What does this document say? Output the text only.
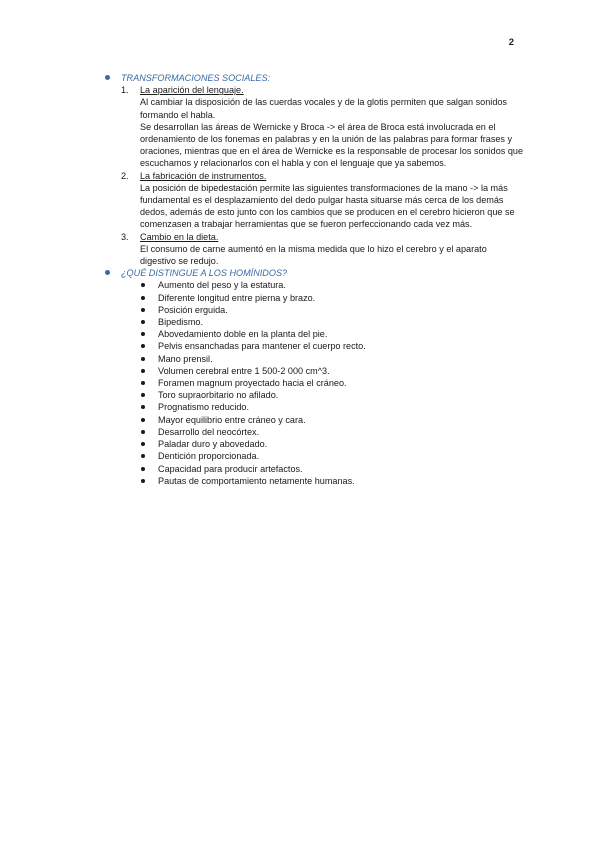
2
TRANSFORMACIONES SOCIALES:
1. La aparición del lenguaje.
Al cambiar la disposición de las cuerdas vocales y de la glotis permiten que salgan sonidos formando el habla.
Se desarrollan las áreas de Wernicke y Broca -> el área de Broca está involucrada en el ordenamiento de los fonemas en palabras y en la unión de las palabras para formar frases y oraciones, mientras que en el área de Wernicke es la responsable de procesar los sonidos que escuchamos y relacionarlos con el habla y con el lenguaje que ya sabemos.
2. La fabricación de instrumentos.
La posición de bipedestación permite las siguientes transformaciones de la mano -> la más fundamental es el desplazamiento del dedo pulgar hasta situarse más cerca de los demás dedos, además de esto junto con los cambios que se producen en el cerebro hicieron que se comenzasen a trabajar herramientas que se fueron perfeccionando cada vez más.
3. Cambio en la dieta.
El consumo de carne aumentó en la misma medida que lo hizo el cerebro y el aparato digestivo se redujo.
¿QUÉ DISTINGUE A LOS HOMÍNIDOS?
Aumento del peso y la estatura.
Diferente longitud entre pierna y brazo.
Posición erguida.
Bipedismo.
Abovedamiento doble en la planta del pie.
Pelvis ensanchadas para mantener el cuerpo recto.
Mano prensil.
Volumen cerebral entre 1 500-2 000 cm^3.
Foramen magnum proyectado hacia el cráneo.
Toro supraorbitario no afilado.
Prognatismo reducido.
Mayor equilibrio entre cráneo y cara.
Desarrollo del neocórtex.
Paladar duro y abovedado.
Dentición proporcionada.
Capacidad para producir artefactos.
Pautas de comportamiento netamente humanas.
